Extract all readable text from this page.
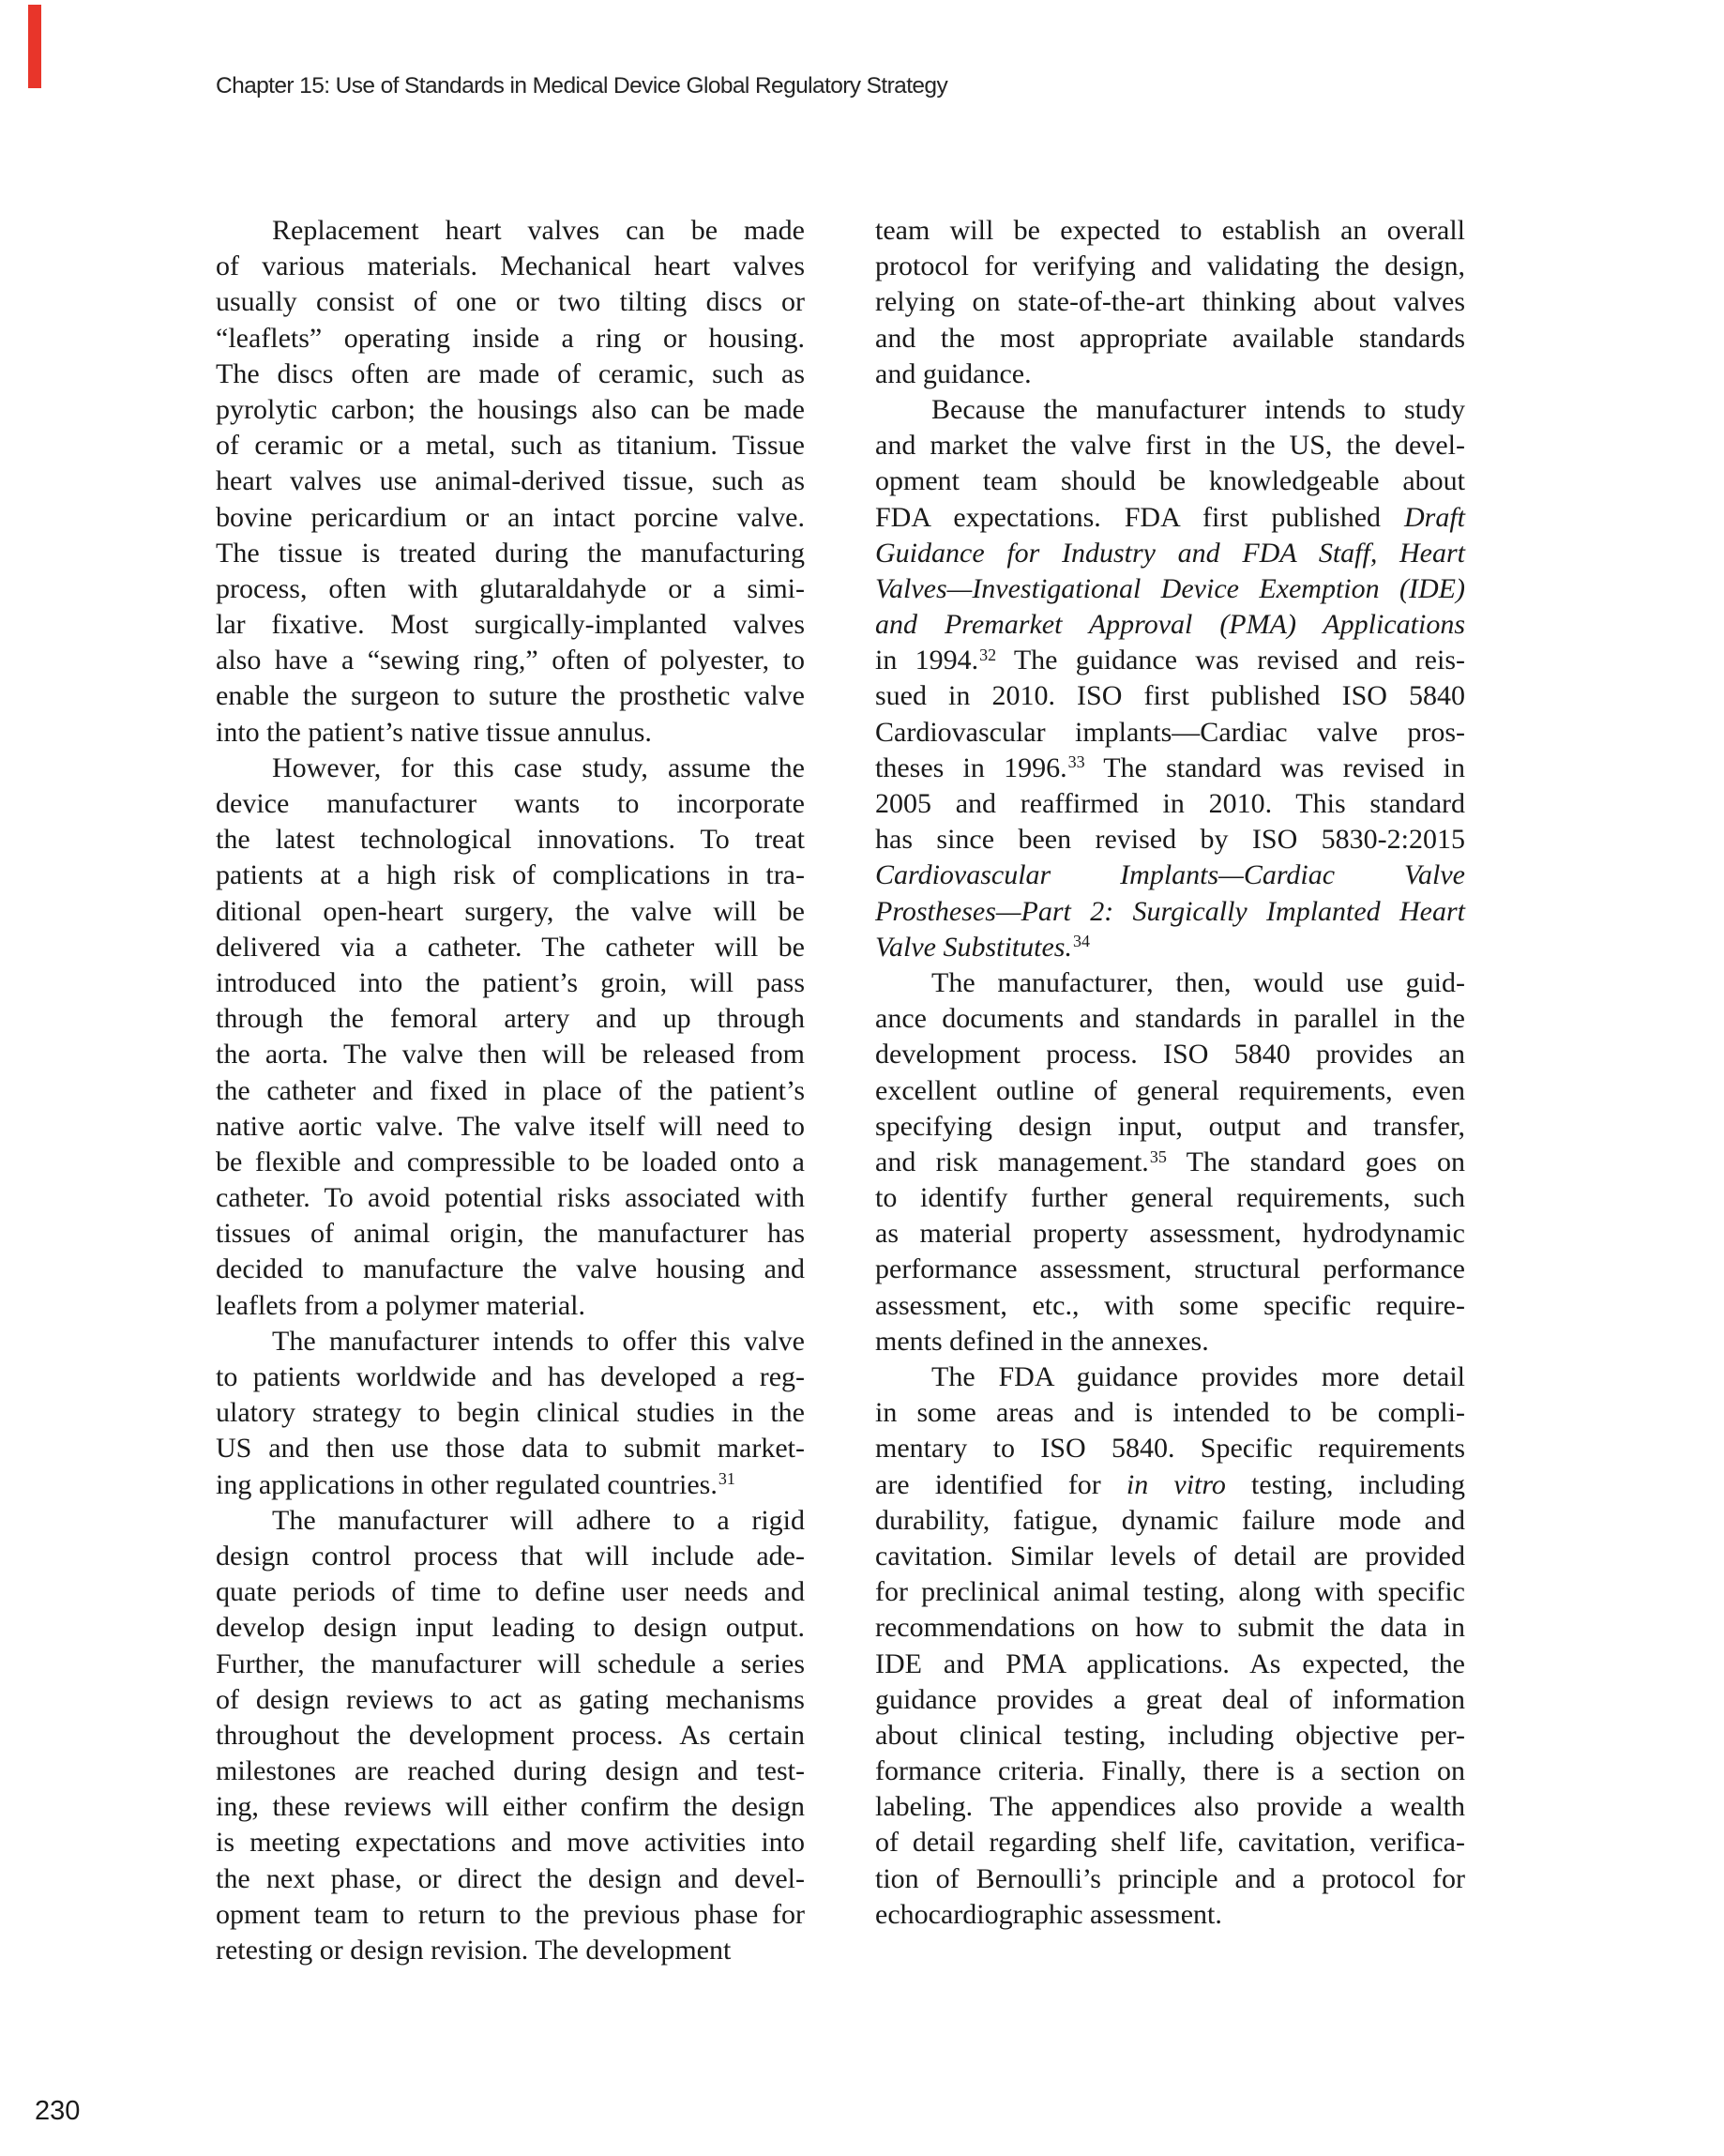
Chapter 15: Use of Standards in Medical Device Global Regulatory Strategy
Replacement heart valves can be made
of various materials. Mechanical heart valves
usually consist of one or two tilting discs or
“leaflets” operating inside a ring or housing.
The discs often are made of ceramic, such as
pyrolytic carbon; the housings also can be made
of ceramic or a metal, such as titanium. Tissue
heart valves use animal-derived tissue, such as
bovine pericardium or an intact porcine valve.
The tissue is treated during the manufacturing
process, often with glutaraldahyde or a simi-
lar fixative. Most surgically-implanted valves
also have a “sewing ring,” often of polyester, to
enable the surgeon to suture the prosthetic valve
into the patient’s native tissue annulus.
However, for this case study, assume the
device manufacturer wants to incorporate
the latest technological innovations. To treat
patients at a high risk of complications in tra-
ditional open-heart surgery, the valve will be
delivered via a catheter. The catheter will be
introduced into the patient’s groin, will pass
through the femoral artery and up through
the aorta. The valve then will be released from
the catheter and fixed in place of the patient’s
native aortic valve. The valve itself will need to
be flexible and compressible to be loaded onto a
catheter. To avoid potential risks associated with
tissues of animal origin, the manufacturer has
decided to manufacture the valve housing and
leaflets from a polymer material.
The manufacturer intends to offer this valve
to patients worldwide and has developed a reg-
ulatory strategy to begin clinical studies in the
US and then use those data to submit market-
ing applications in other regulated countries.$^{31}$
The manufacturer will adhere to a rigid
design control process that will include ade-
quate periods of time to define user needs and
develop design input leading to design output.
Further, the manufacturer will schedule a series
of design reviews to act as gating mechanisms
throughout the development process. As certain
milestones are reached during design and test-
ing, these reviews will either confirm the design
is meeting expectations and move activities into
the next phase, or direct the design and devel-
opment team to return to the previous phase for
retesting or design revision. The development
team will be expected to establish an overall
protocol for verifying and validating the design,
relying on state-of-the-art thinking about valves
and the most appropriate available standards
and guidance.
Because the manufacturer intends to study
and market the valve first in the US, the devel-
opment team should be knowledgeable about
FDA expectations. FDA first published Draft
Guidance for Industry and FDA Staff, Heart
Valves—Investigational Device Exemption (IDE)
and Premarket Approval (PMA) Applications
in 1994.32 The guidance was revised and reis-
sued in 2010. ISO first published ISO 5840
Cardiovascular implants—Cardiac valve pros-
theses in 1996.33 The standard was revised in
2005 and reaffirmed in 2010. This standard
has since been revised by ISO 5830-2:2015
Cardiovascular Implants—Cardiac Valve
Prostheses—Part 2: Surgically Implanted Heart
Valve Substitutes.$^{34}$
The manufacturer, then, would use guid-
ance documents and standards in parallel in the
development process. ISO 5840 provides an
excellent outline of general requirements, even
specifying design input, output and transfer,
and risk management.$^{35}$ The standard goes on
to identify further general requirements, such
as material property assessment, hydrodynamic
performance assessment, structural performance
assessment, etc., with some specific require-
ments defined in the annexes.
The FDA guidance provides more detail
in some areas and is intended to be compli-
mentary to ISO 5840. Specific requirements
are identified for in vitro testing, including
durability, fatigue, dynamic failure mode and
cavitation. Similar levels of detail are provided
for preclinical animal testing, along with specific
recommendations on how to submit the data in
IDE and PMA applications. As expected, the
guidance provides a great deal of information
about clinical testing, including objective per-
formance criteria. Finally, there is a section on
labeling. The appendices also provide a wealth
of detail regarding shelf life, cavitation, verifica-
tion of Bernoulli’s principle and a protocol for
echocardiographic assessment.
230
